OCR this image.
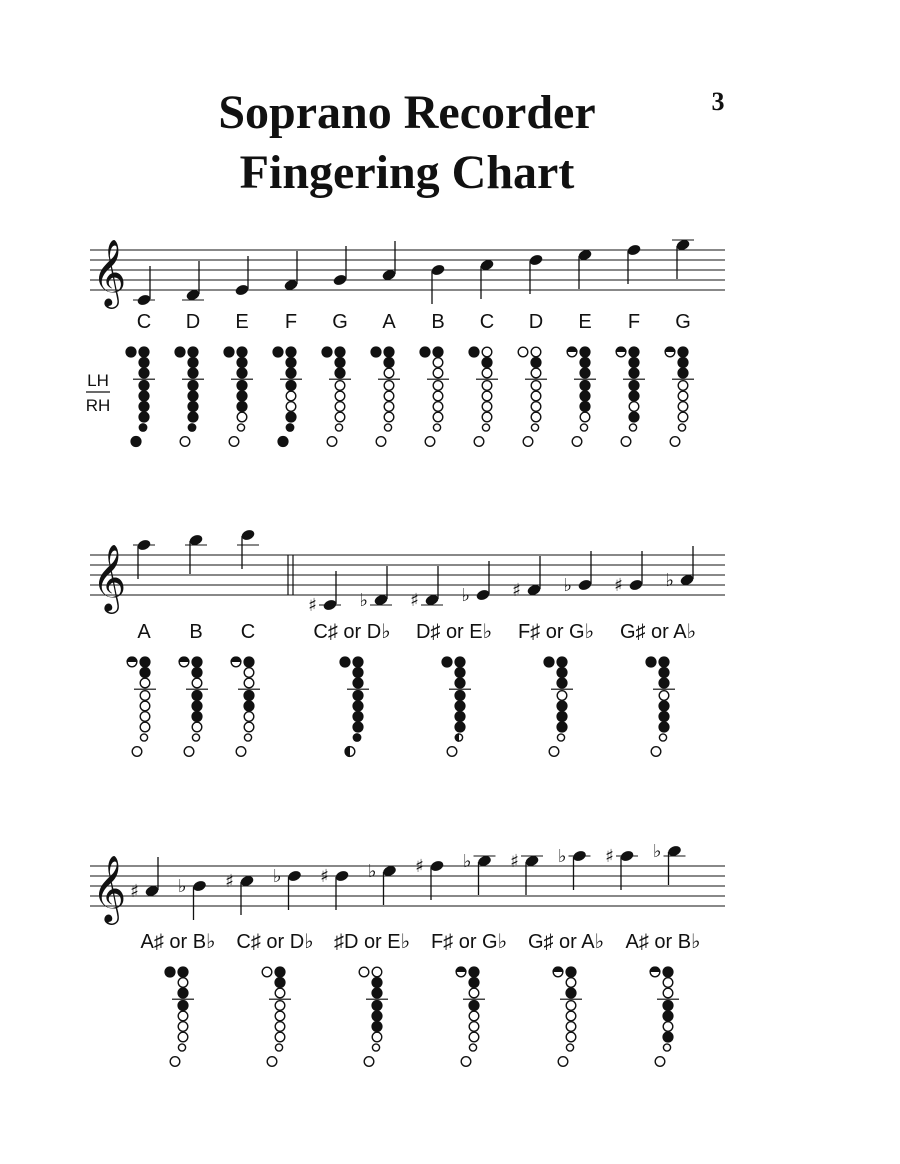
Soprano Recorder
Fingering Chart
3
𝄞
C D E F G A B C D E F G
LH
RH
𝄞
A B C
♯ ♭ ♯ ♭ ♯ ♭ ♯ ♭
C♯ or D♭ D♯ or E♭ F♯ or G♭ G♯ or A♭
𝄞 ♯ ♭ ♯ ♭ ♯ ♭ ♯ ♭ ♯ ♭ ♯ ♭
A♯ or B♭ C♯ or D♭ ♯D or E♭ F♯ or G♭ G♯ or A♭ A♯ or B♭
